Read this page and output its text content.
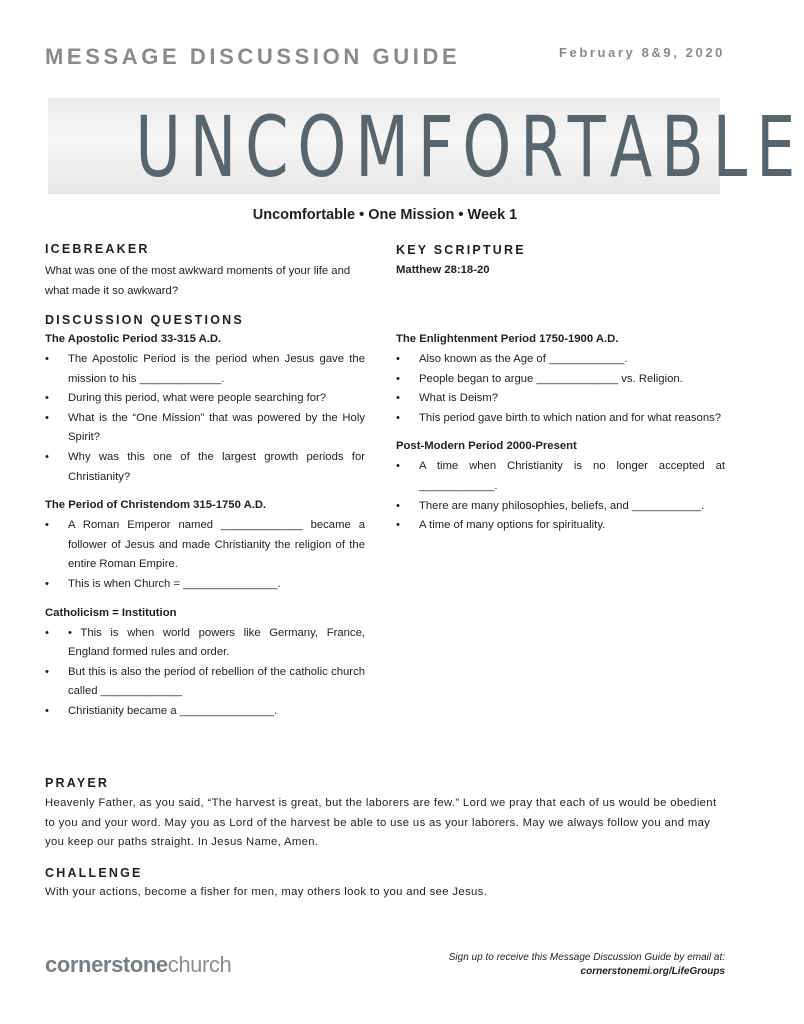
MESSAGE DISCUSSION GUIDE	February 8&9, 2020
UNCOMFORTABLE
Uncomfortable • One Mission • Week 1
ICEBREAKER
What was one of the most awkward moments of your life and what made it so awkward?
KEY SCRIPTURE
Matthew 28:18-20
DISCUSSION QUESTIONS
The Apostolic Period 33-315 A.D.
• The Apostolic Period is the period when Jesus gave the mission to his _____________.
• During this period, what were people searching for?
• What is the “One Mission” that was powered by the Holy Spirit?
• Why was this one of the largest growth periods for Christianity?
The Period of Christendom 315-1750 A.D.
• A Roman Emperor named _____________ became a follower of Jesus and made Christianity the religion of the entire Roman Empire.
• This is when Church = _______________.
Catholicism = Institution
• • This is when world powers like Germany, France, England formed rules and order.
• But this is also the period of rebellion of the catholic church called _____________
• Christianity became a _______________.
The Enlightenment Period 1750-1900 A.D.
• Also known as the Age of ____________.
• People began to argue _____________ vs. Religion.
• What is Deism?
• This period gave birth to which nation and for what reasons?
Post-Modern Period 2000-Present
• A time when Christianity is no longer accepted at ____________.
• There are many philosophies, beliefs, and ___________.
• A time of many options for spirituality.
PRAYER
Heavenly Father, as you said, “The harvest is great, but the laborers are few.” Lord we pray that each of us would be obedient to you and your word. May you as Lord of the harvest be able to use us as your laborers. May we always follow you and may you keep our paths straight. In Jesus Name, Amen.
CHALLENGE
With your actions, become a fisher for men, may others look to you and see Jesus.
cornerstonechurch	Sign up to receive this Message Discussion Guide by email at:
cornerstonemi.org/LifeGroups
